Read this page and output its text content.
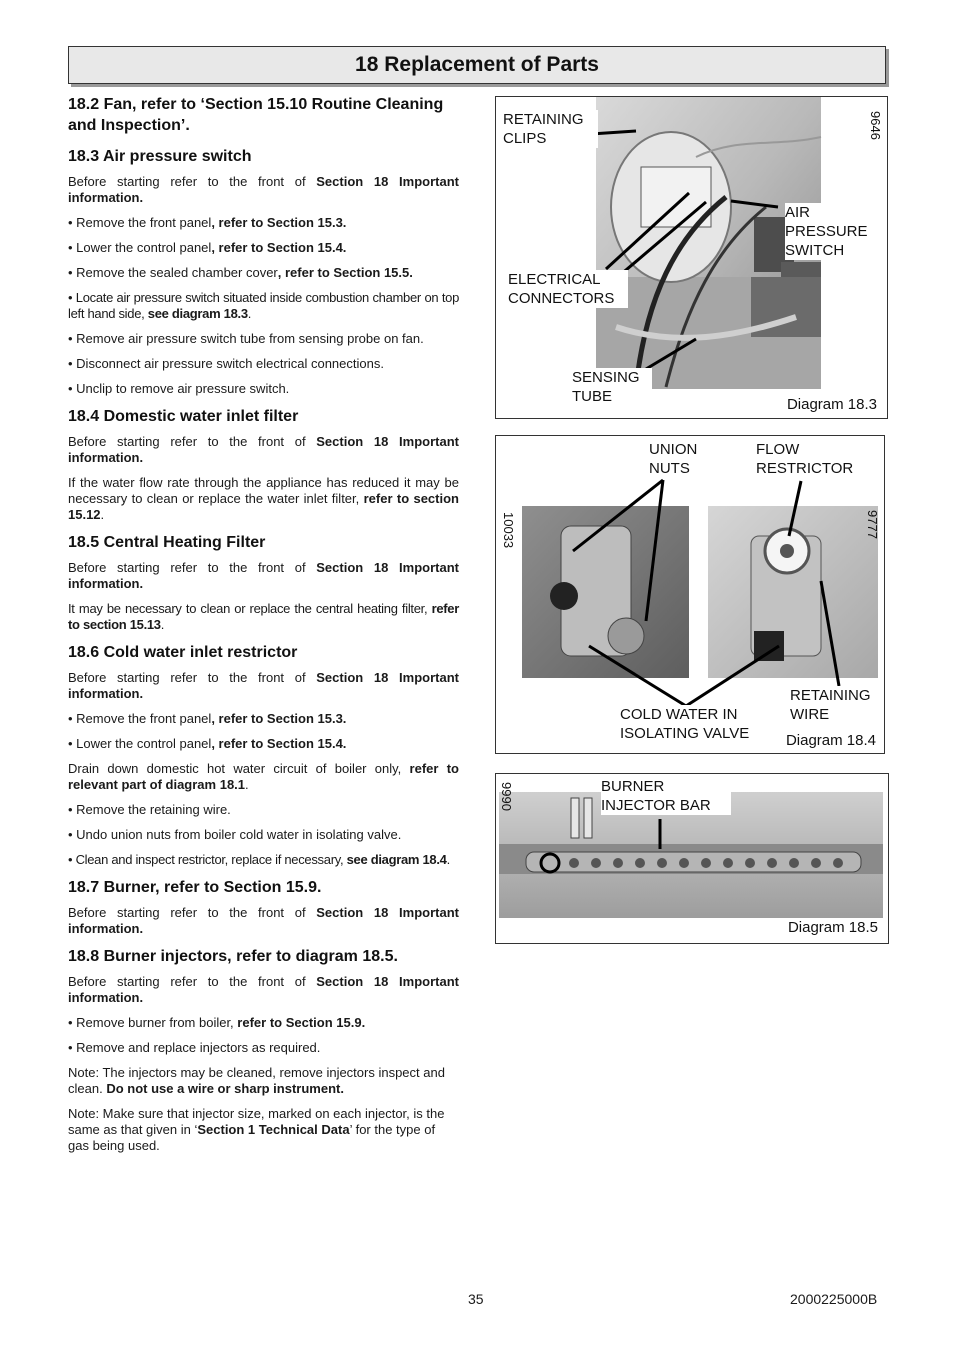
18 Replacement of Parts
18.2 Fan, refer to ‘Section 15.10 Routine Cleaning and Inspection’.
18.3 Air pressure switch

Before starting refer to the front of Section 18 Important information.

• Remove the front panel, refer to Section 15.3.

• Lower the control panel, refer to Section 15.4.

• Remove the sealed chamber cover, refer to Section 15.5.

• Locate air pressure switch situated inside combustion chamber on top left hand side, see diagram 18.3.

• Remove air pressure switch tube from sensing probe on fan.

• Disconnect air pressure switch electrical connections.

• Unclip to remove air pressure switch.

18.4 Domestic water inlet filter

Before starting refer to the front of Section 18 Important information.

If the water flow rate through the appliance has reduced it may be necessary to clean or replace the water inlet filter, refer to section 15.12.

18.5 Central Heating Filter

Before starting refer to the front of Section 18 Important information.

It may be necessary to clean or replace the central heating filter, refer to section 15.13.

18.6 Cold water inlet restrictor

Before starting refer to the front of Section 18 Important information.

• Remove the front panel, refer to Section 15.3.

• Lower the control panel, refer to Section 15.4.

Drain down domestic hot water circuit of boiler only, refer to relevant part of diagram 18.1.

• Remove the retaining wire.

• Undo union nuts from boiler cold water in isolating valve.

• Clean and inspect restrictor, replace if necessary, see diagram 18.4.

18.7 Burner, refer to Section 15.9.

Before starting refer to the front of Section 18 Important information.

18.8 Burner injectors, refer to diagram 18.5.

Before starting refer to the front of Section 18 Important information.

• Remove burner from boiler, refer to Section 15.9.

• Remove and replace injectors as required.

Note: The injectors may be cleaned, remove injectors inspect and clean. Do not use a wire or sharp instrument.

Note: Make sure that injector size, marked on each injector, is the same as that given in ‘Section 1 Technical Data’ for the type of gas being used.

RETAINING CLIPS
AIR PRESSURE SWITCH
ELECTRICAL CONNECTORS
SENSING TUBE
9646
Diagram 18.3
UNION NUTS
FLOW RESTRICTOR
RETAINING WIRE
COLD WATER IN ISOLATING VALVE
10033	9777
Diagram 18.4
BURNER INJECTOR BAR
9990
Diagram 18.5
35	2000225000B
